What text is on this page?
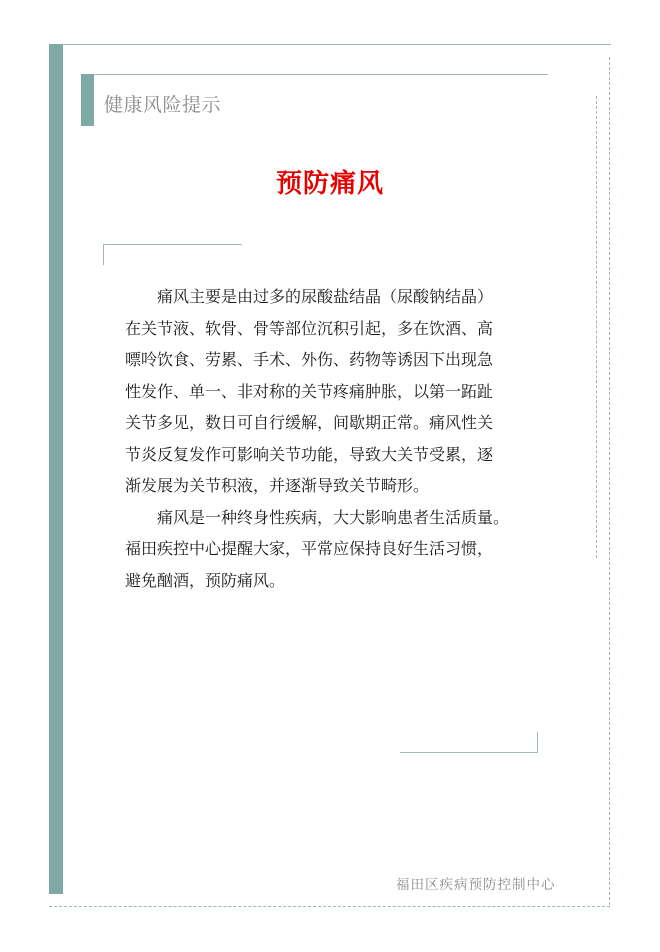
健康风险提示
预防痛风
痛风主要是由过多的尿酸盐结晶（尿酸钠结晶）
在关节液、软骨、骨等部位沉积引起，多在饮酒、高
嘌呤饮食、劳累、手术、外伤、药物等诱因下出现急
性发作、单一、非对称的关节疼痛肿胀，以第一跖趾
关节多见，数日可自行缓解，间歇期正常。痛风性关
节炎反复发作可影响关节功能，导致大关节受累，逐
渐发展为关节积液，并逐渐导致关节畸形。
痛风是一种终身性疾病，大大影响患者生活质量。
福田疾控中心提醒大家，平常应保持良好生活习惯，
避免酗酒，预防痛风。
福田区疾病预防控制中心
